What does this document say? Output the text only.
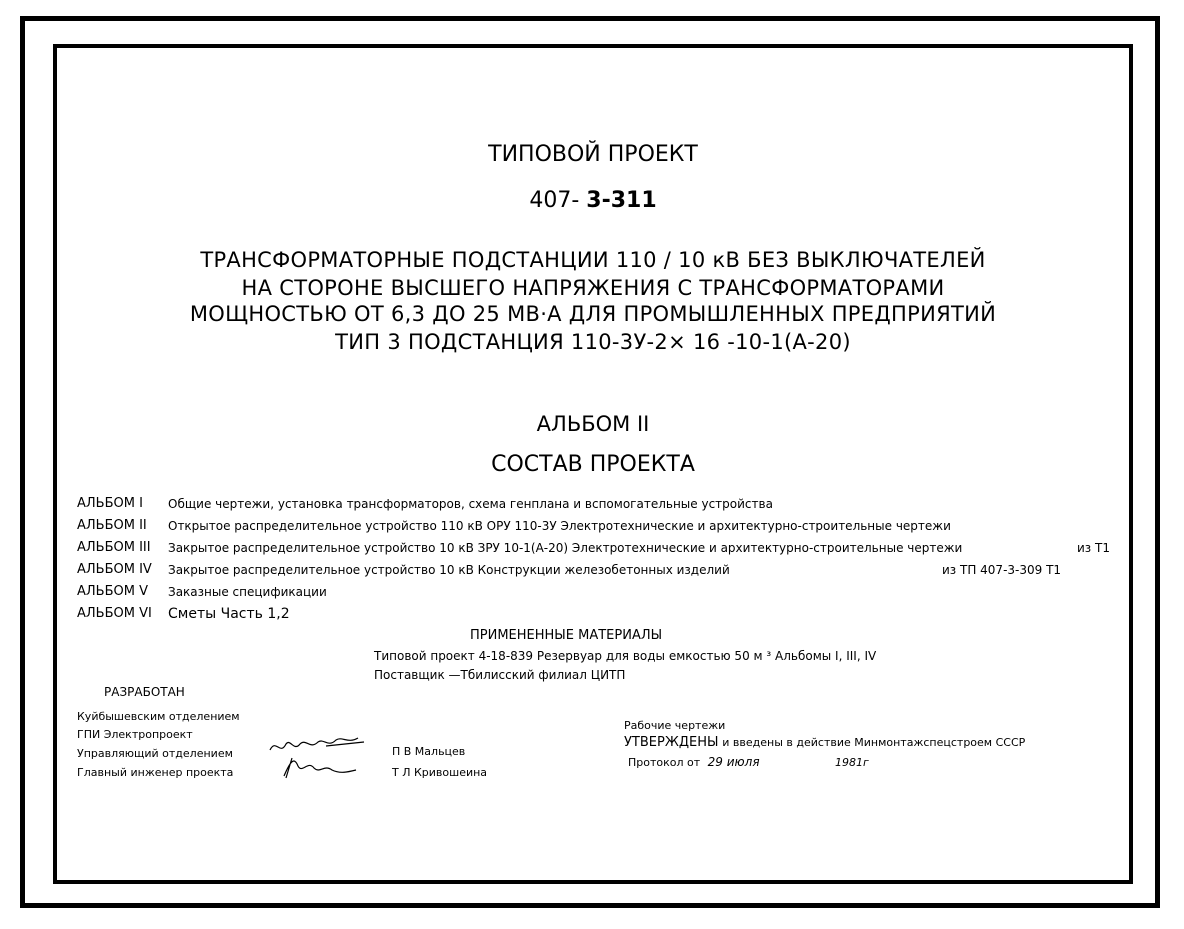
ТИПОВОЙ ПРОЕКТ
407- 3-311
ТРАНСФОРМАТОРНЫЕ ПОДСТАНЦИИ 110 / 10 кВ БЕЗ ВЫКЛЮЧАТЕЛЕЙ
НА СТОРОНЕ ВЫСШЕГО НАПРЯЖЕНИЯ С ТРАНСФОРМАТОРАМИ
МОЩНОСТЬЮ ОТ 6,3 ДО 25 МВ·А ДЛЯ ПРОМЫШЛЕННЫХ ПРЕДПРИЯТИЙ
ТИП 3 ПОДСТАНЦИЯ 110-3У-2× 16 -10-1(А-20)
АЛЬБОМ II
СОСТАВ ПРОЕКТА
АЛЬБОМ I Общие чертежи, установка трансформаторов, схема генплана и вспомогательные устройства
АЛЬБОМ II Открытое распределительное устройство 110 кВ ОРУ 110-3У Электротехнические и архитектурно-строительные чертежи
АЛЬБОМ III Закрытое распределительное устройство 10 кВ ЗРУ 10-1(А-20) Электротехнические и архитектурно-строительные чертежи	из Т1
АЛЬБОМ IV Закрытое распределительное устройство 10 кВ Конструкции железобетонных изделий	из ТП 407-3-309 Т1
АЛЬБОМ V Заказные спецификации
АЛЬБОМ VI Сметы Часть 1,2
ПРИМЕНЕННЫЕ МАТЕРИАЛЫ
Типовой проект 4-18-839 Резервуар для воды емкостью 50 м ³ Альбомы I, III, IV
Поставщик —Тбилисский филиал ЦИТП
РАЗРАБОТАН
Куйбышевским отделением
ГПИ Электропроект
Управляющий отделением
Главный инженер проекта
П В Мальцев
Т Л Кривошеина
Рабочие чертежи
УТВЕРЖДЕНЫ и введены в действие Минмонтажспецстроем СССР
Протокол от 29 июля	1981г
